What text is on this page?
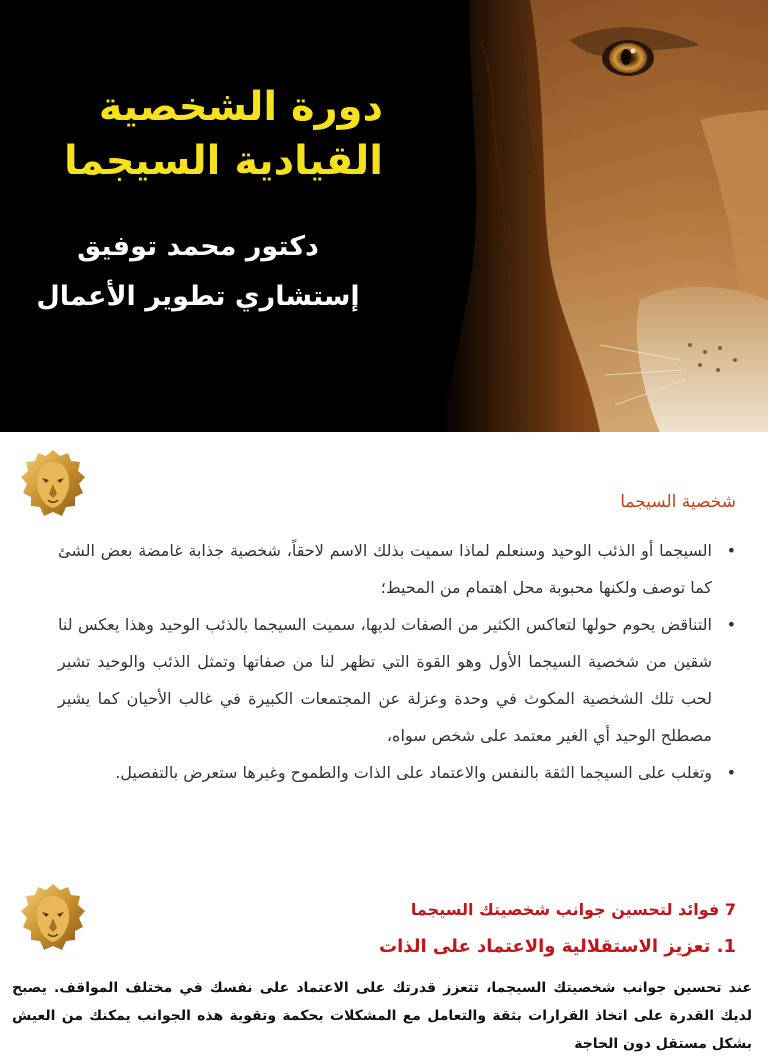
دورة الشخصية
القيادية السيجما
دكتور محمد توفيق
إستشاري تطوير الأعمال
شخصية السيجما
• السيجما أو الذئب الوحيد وسنعلم لماذا سميت بذلك الاسم لاحقاً، شخصية جذابة غامضة بعض الشئ كما توصف ولكنها محبوبة محل اهتمام من المحيط؛
• التناقض يحوم حولها لتعاكس الكثير من الصفات لديها، سميت السيجما بالذئب الوحيد وهذا يعكس لنا شقين من شخصية السيجما الأول وهو القوة التي تظهر لنا من صفاتها وتمثل الذئب والوحيد تشير لحب تلك الشخصية المكوث في وحدة وعزلة عن المجتمعات الكبيرة في غالب الأحيان كما يشير مصطلح الوحيد أي الغير معتمد على شخص سواه،
• وتغلب على السيجما الثقة بالنفس والاعتماد على الذات والطموح وغيرها ستعرض بالتفصيل.
7 فوائد لتحسين جوانب شخصيتك السيجما
1. تعزيز الاستقلالية والاعتماد على الذات

عند تحسين جوانب شخصيتك السيجما، تتعزز قدرتك على الاعتماد على نفسك في مختلف المواقف. يصبح لديك القدرة على اتخاذ القرارات بثقة والتعامل مع المشكلات بحكمة وتقوية هذه الجوانب يمكنك من العيش بشكل مستقل دون الحاجة
